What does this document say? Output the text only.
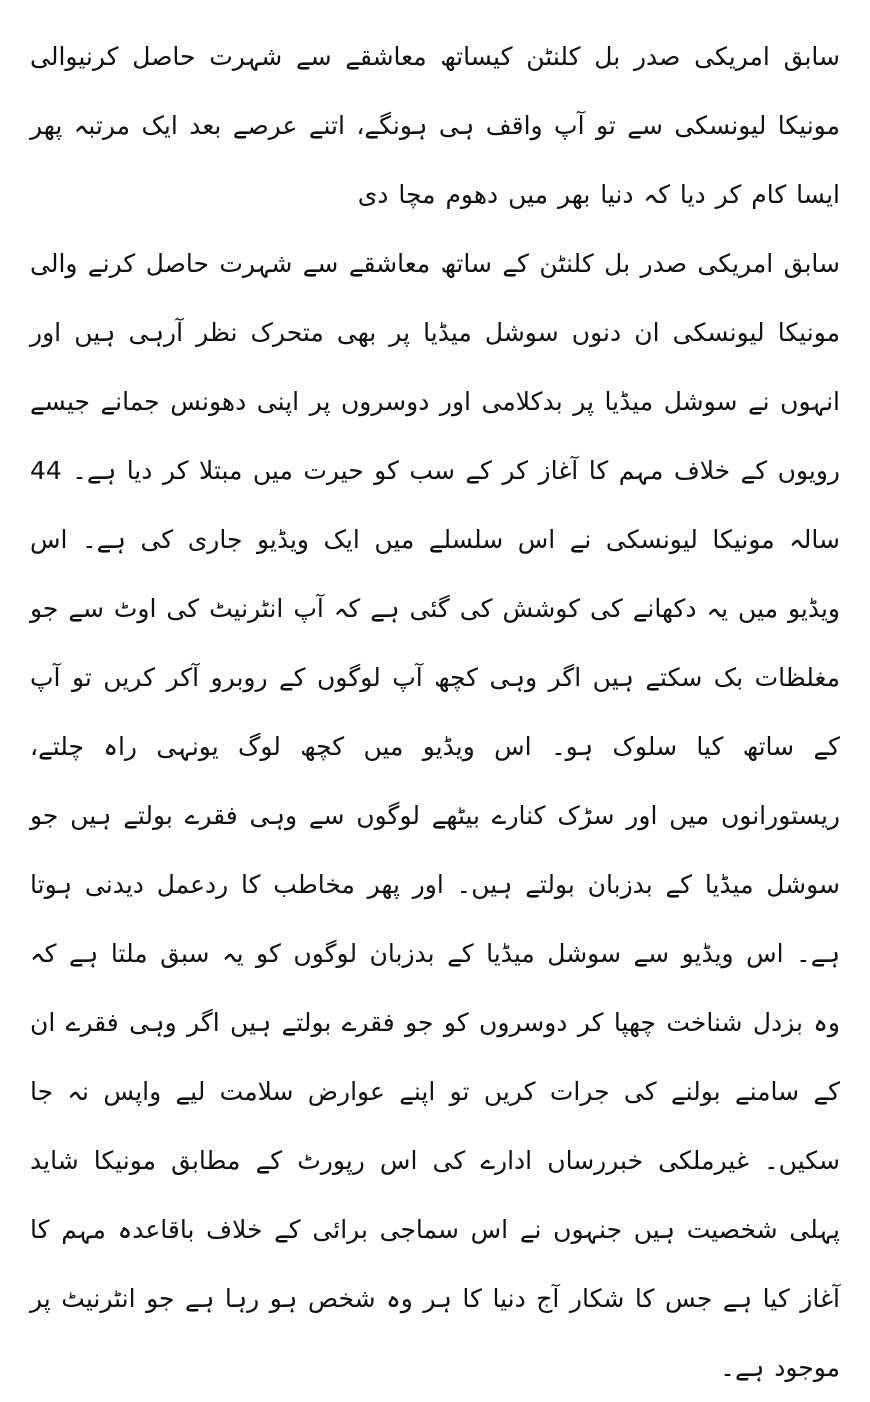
سابق امریکی صدر بل کلنٹن کیساتھ معاشقے سے شہرت حاصل کرنیوالی مونیکا لیونسکی سے تو آپ واقف ہی ہونگے، اتنے عرصے بعد ایک مرتبہ پھر ایسا کام کر دیا کہ دنیا بھر میں دھوم مچا دی

سابق امریکی صدر بل کلنٹن کے ساتھ معاشقے سے شہرت حاصل کرنے والی مونیکا لیونسکی ان دنوں سوشل میڈیا پر بھی متحرک نظر آرہی ہیں اور انہوں نے سوشل میڈیا پر بدکلامی اور دوسروں پر اپنی دھونس جمانے جیسے رویوں کے خلاف مہم کا آغاز کر کے سب کو حیرت میں مبتلا کر دیا ہے۔ 44 سالہ مونیکا لیونسکی نے اس سلسلے میں ایک ویڈیو جاری کی ہے۔ اس ویڈیو میں یہ دکھانے کی کوشش کی گئی ہے کہ آپ انٹرنیٹ کی اوٹ سے جو مغلظات بک سکتے ہیں اگر وہی کچھ آپ لوگوں کے روبرو آکر کریں تو آپ کے ساتھ کیا سلوک ہو۔ اس ویڈیو میں کچھ لوگ یونہی راہ چلتے، ریستورانوں میں اور سڑک کنارے بیٹھے لوگوں سے وہی فقرے بولتے ہیں جو سوشل میڈیا کے بدزبان بولتے ہیں۔ اور پھر مخاطب کا ردعمل دیدنی ہوتا ہے۔ اس ویڈیو سے سوشل میڈیا کے بدزبان لوگوں کو یہ سبق ملتا ہے کہ وہ بزدل شناخت چھپا کر دوسروں کو جو فقرے بولتے ہیں اگر وہی فقرے ان کے سامنے بولنے کی جرات کریں تو اپنے عوارض سلامت لیے واپس نہ جا سکیں۔ غیرملکی خبررساں ادارے کی اس رپورٹ کے مطابق مونیکا شاید پہلی شخصیت ہیں جنہوں نے اس سماجی برائی کے خلاف باقاعدہ مہم کا آغاز کیا ہے جس کا شکار آج دنیا کا ہر وہ شخص ہو رہا ہے جو انٹرنیٹ پر موجود ہے۔
